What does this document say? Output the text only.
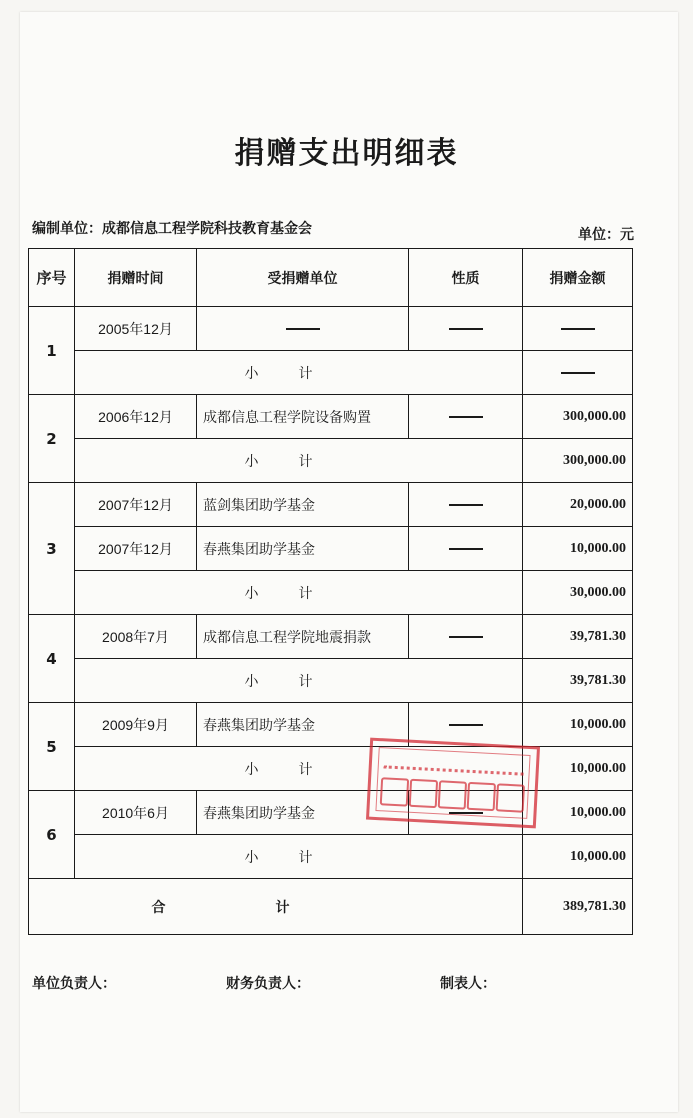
捐赠支出明细表
编制单位：成都信息工程学院科技教育基金会	单位：元
序号	捐赠时间	受捐赠单位	性质	捐赠金额
1	2005年12月			
	小计			
2	2006年12月	成都信息工程学院设备购置		300,000.00
	小计			300,000.00
3	2007年12月	蓝剑集团助学基金		20,000.00
	2007年12月	春燕集团助学基金		10,000.00
	小计			30,000.00
4	2008年7月	成都信息工程学院地震捐款		39,781.30
	小计			39,781.30
5	2009年9月	春燕集团助学基金		10,000.00
	小计			10,000.00
6	2010年6月	春燕集团助学基金		10,000.00
	小计			10,000.00
合计				389,781.30
单位负责人：	财务负责人：	制表人：
